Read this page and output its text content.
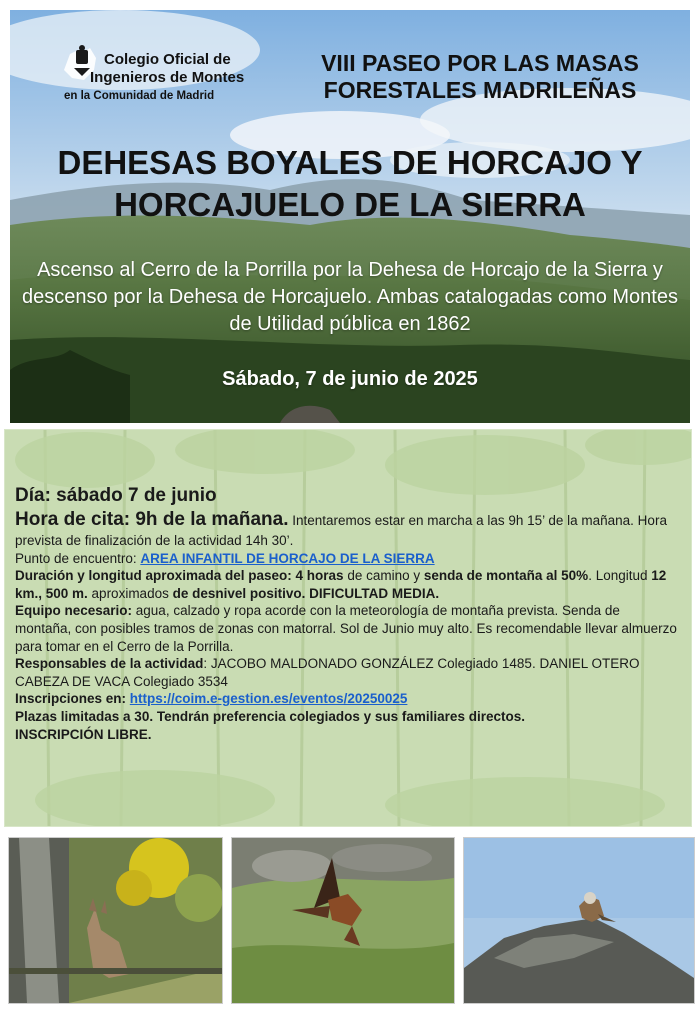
Colegio Oficial de
Ingenieros de Montes
en la Comunidad de Madrid
VIII PASEO POR LAS MASAS
FORESTALES MADRILEÑAS
DEHESAS BOYALES DE HORCAJO Y
HORCAJUELO DE LA SIERRA
Ascenso al Cerro de la Porrilla por la Dehesa de Horcajo de la Sierra y descenso por la Dehesa de Horcajuelo. Ambas catalogadas como Montes de Utilidad pública en 1862
Sábado, 7 de junio de 2025

Día: sábado 7 de junio

Hora de cita: 9h de la mañana. Intentaremos estar en marcha a las 9h 15’ de la mañana. Hora prevista de finalización de la actividad 14h 30’.

Punto de encuentro: AREA INFANTIL DE HORCAJO DE LA SIERRA

Duración y longitud aproximada del paseo: 4 horas de camino y senda de montaña al 50%. Longitud 12 km., 500 m. aproximados de desnivel positivo. DIFICULTAD MEDIA.

Equipo necesario: agua, calzado y ropa acorde con la meteorología de montaña prevista. Senda de montaña, con posibles tramos de zonas con matorral. Sol de Junio muy alto. Es recomendable llevar almuerzo para tomar en el Cerro de la Porrilla.

Responsables de la actividad: JACOBO MALDONADO GONZÁLEZ Colegiado 1485. DANIEL OTERO CABEZA DE VACA Colegiado 3534

Inscripciones en: https://coim.e-gestion.es/eventos/20250025

Plazas limitadas a 30. Tendrán preferencia colegiados y sus familiares directos.

INSCRIPCIÓN LIBRE.
